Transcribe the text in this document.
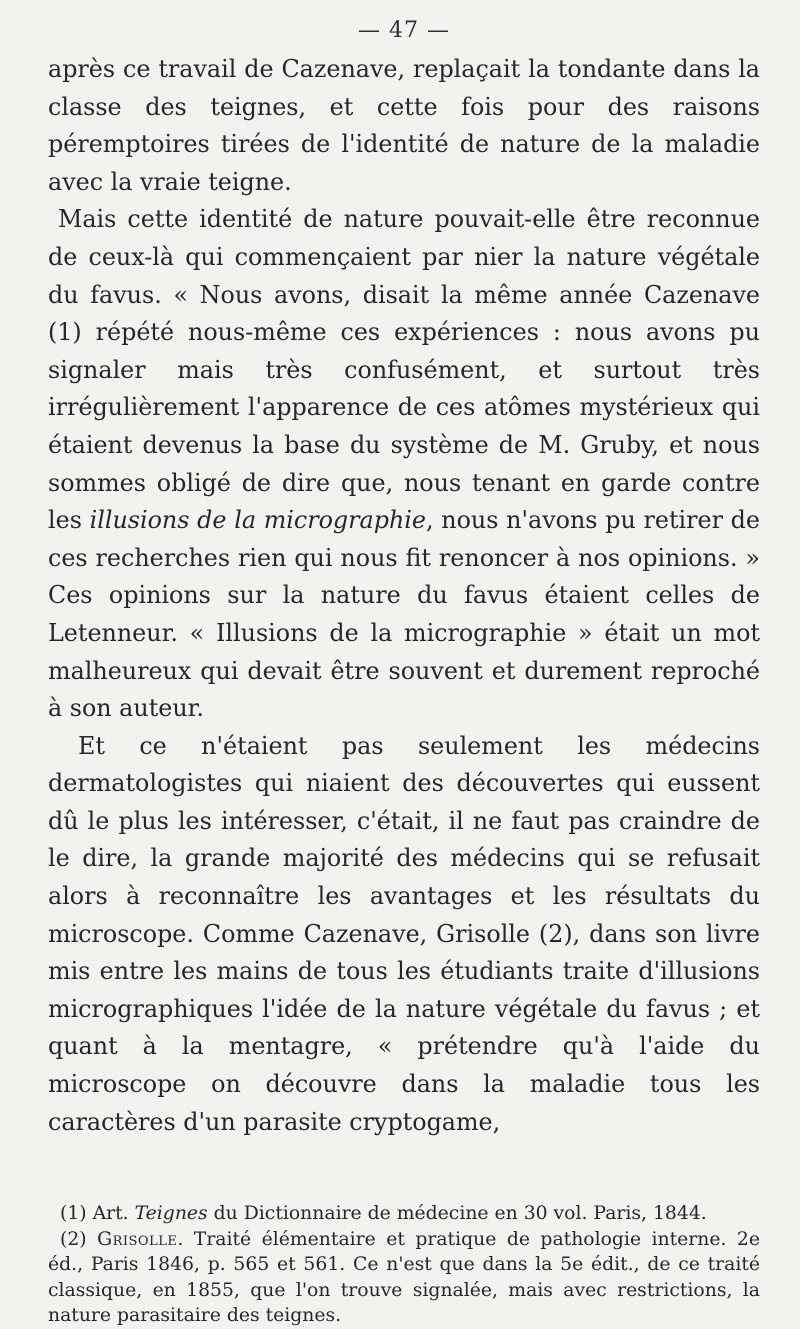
— 47 —

après ce travail de Cazenave, replaçait la tondante dans la classe des teignes, et cette fois pour des raisons péremptoires tirées de l'identité de nature de la maladie avec la vraie teigne.

Mais cette identité de nature pouvait-elle être reconnue de ceux-là qui commençaient par nier la nature végétale du favus. « Nous avons, disait la même année Cazenave (1) répété nous-même ces expériences : nous avons pu signaler mais très confusément, et surtout très irrégulièrement l'apparence de ces atômes mystérieux qui étaient devenus la base du système de M. Gruby, et nous sommes obligé de dire que, nous tenant en garde contre les illusions de la micrographie, nous n'avons pu retirer de ces recherches rien qui nous fit renoncer à nos opinions. » Ces opinions sur la nature du favus étaient celles de Letenneur. « Illusions de la micrographie » était un mot malheureux qui devait être souvent et durement reproché à son auteur.

Et ce n'étaient pas seulement les médecins dermatologistes qui niaient des découvertes qui eussent dû le plus les intéresser, c'était, il ne faut pas craindre de le dire, la grande majorité des médecins qui se refusait alors à reconnaître les avantages et les résultats du microscope. Comme Cazenave, Grisolle (2), dans son livre mis entre les mains de tous les étudiants traite d'illusions micrographiques l'idée de la nature végétale du favus ; et quant à la mentagre, « prétendre qu'à l'aide du microscope on découvre dans la maladie tous les caractères d'un parasite cryptogame,

(1) Art. Teignes du Dictionnaire de médecine en 30 vol. Paris, 1844.

(2) Grisolle. Traité élémentaire et pratique de pathologie interne. 2e éd., Paris 1846, p. 565 et 561. Ce n'est que dans la 5e édit., de ce traité classique, en 1855, que l'on trouve signalée, mais avec restrictions, la nature parasitaire des teignes.
